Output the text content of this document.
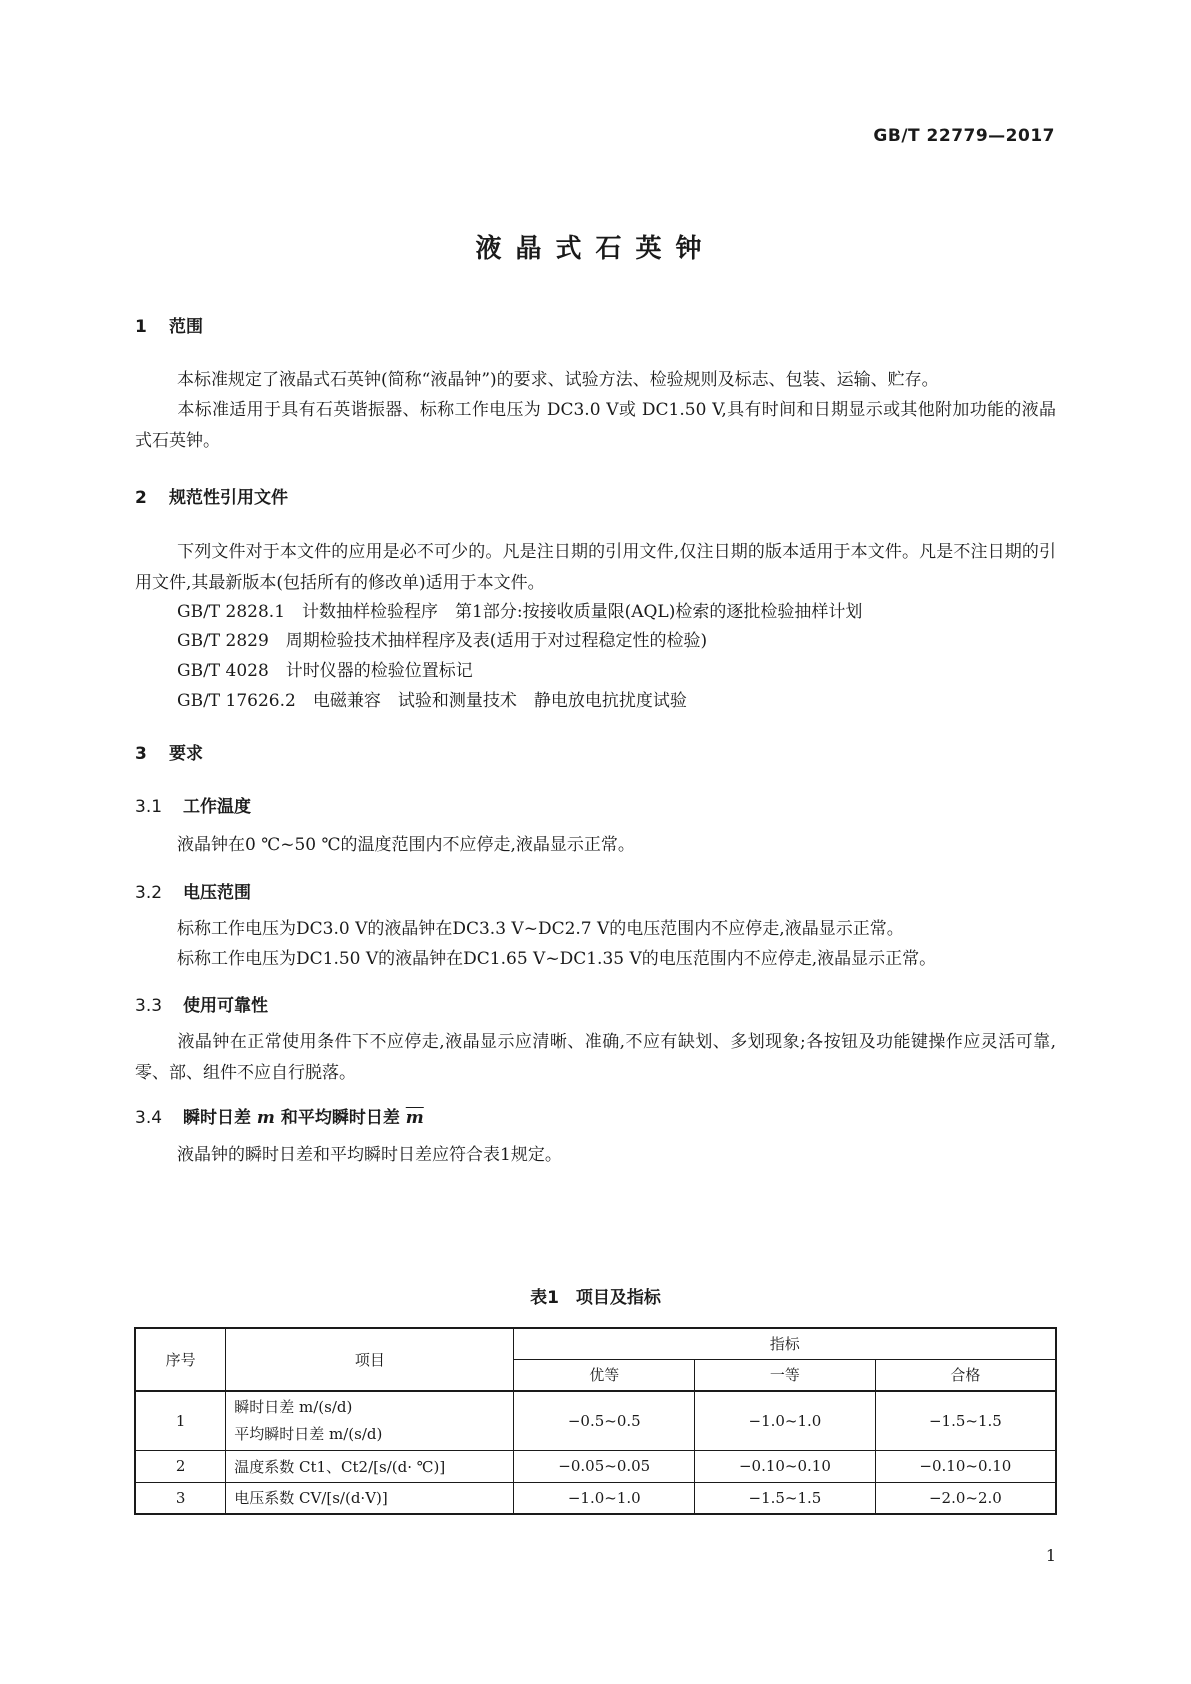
GB/T 22779—2017
液晶式石英钟
1 范围
本标准规定了液晶式石英钟(简称“液晶钟”)的要求、试验方法、检验规则及标志、包装、运输、贮存。
本标准适用于具有石英谐振器、标称工作电压为 DC3.0 V或 DC1.50 V,具有时间和日期显示或其他附加功能的液晶式石英钟。
2 规范性引用文件
下列文件对于本文件的应用是必不可少的。凡是注日期的引用文件,仅注日期的版本适用于本文件。凡是不注日期的引用文件,其最新版本(包括所有的修改单)适用于本文件。
GB/T 2828.1　计数抽样检验程序　第1部分:按接收质量限(AQL)检索的逐批检验抽样计划
GB/T 2829　周期检验技术抽样程序及表(适用于对过程稳定性的检验)
GB/T 4028　计时仪器的检验位置标记
GB/T 17626.2　电磁兼容　试验和测量技术　静电放电抗扰度试验
3 要求
3.1 工作温度
液晶钟在0 ℃~50 ℃的温度范围内不应停走,液晶显示正常。
3.2 电压范围
标称工作电压为DC3.0 V的液晶钟在DC3.3 V~DC2.7 V的电压范围内不应停走,液晶显示正常。
标称工作电压为DC1.50 V的液晶钟在DC1.65 V~DC1.35 V的电压范围内不应停走,液晶显示正常。
3.3 使用可靠性
液晶钟在正常使用条件下不应停走,液晶显示应清晰、准确,不应有缺划、多划现象;各按钮及功能键操作应灵活可靠,零、部、组件不应自行脱落。
3.4 瞬时日差 m 和平均瞬时日差 $\overline{m}$
液晶钟的瞬时日差和平均瞬时日差应符合表1规定。
表1　项目及指标
序号	项目	指标		
		优等	一等	合格
1	瞬时日差 m/(s/d)
平均瞬时日差 m/(s/d)	−0.5~0.5	−1.0~1.0	−1.5~1.5
2	温度系数 Ct1、Ct2/[s/(d· ℃)]	−0.05~0.05	−0.10~0.10	−0.10~0.10
3	电压系数 CV/[s/(d·V)]	−1.0~1.0	−1.5~1.5	−2.0~2.0
1
